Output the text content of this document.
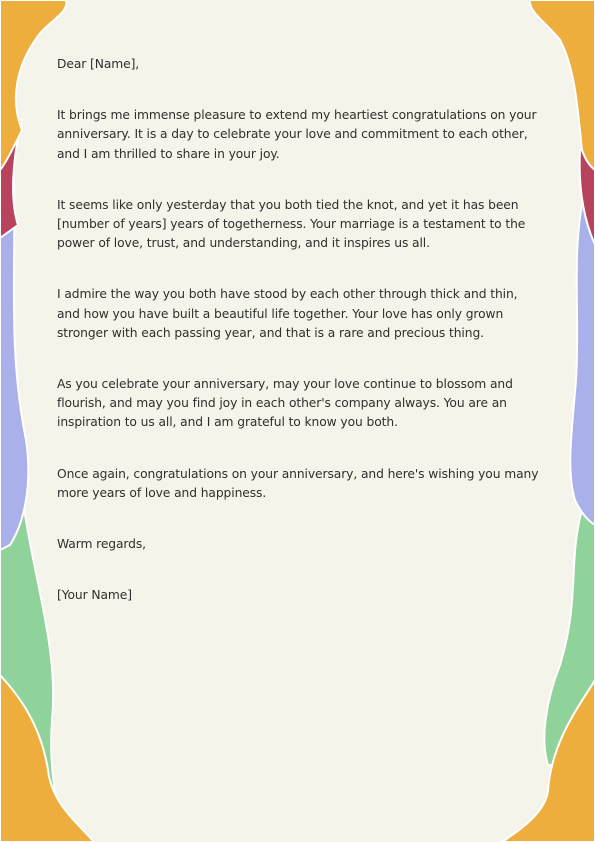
Dear [Name],

It brings me immense pleasure to extend my heartiest congratulations on your anniversary. It is a day to celebrate your love and commitment to each other, and I am thrilled to share in your joy.

It seems like only yesterday that you both tied the knot, and yet it has been [number of years] years of togetherness. Your marriage is a testament to the power of love, trust, and understanding, and it inspires us all.

I admire the way you both have stood by each other through thick and thin, and how you have built a beautiful life together. Your love has only grown stronger with each passing year, and that is a rare and precious thing.

As you celebrate your anniversary, may your love continue to blossom and flourish, and may you find joy in each other's company always. You are an inspiration to us all, and I am grateful to know you both.

Once again, congratulations on your anniversary, and here's wishing you many more years of love and happiness.

Warm regards,

[Your Name]
